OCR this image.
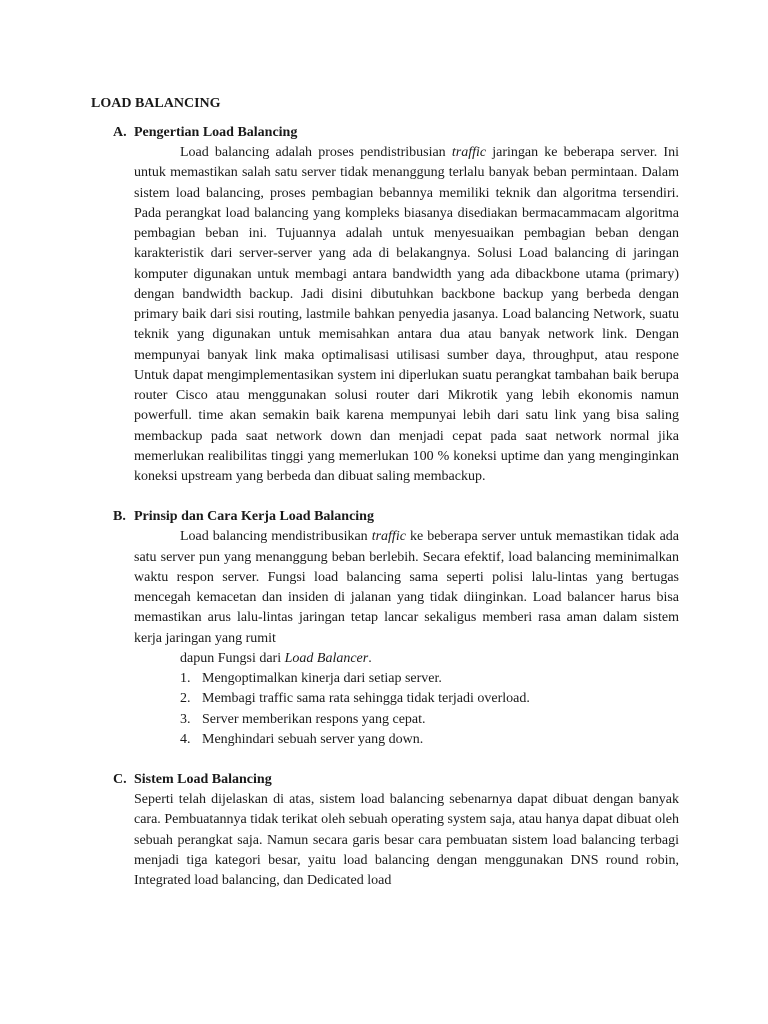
LOAD BALANCING
A. Pengertian Load Balancing

Load balancing adalah proses pendistribusian traffic jaringan ke beberapa server. Ini untuk memastikan salah satu server tidak menanggung terlalu banyak beban permintaan. Dalam sistem load balancing, proses pembagian bebannya memiliki teknik dan algoritma tersendiri. Pada perangkat load balancing yang kompleks biasanya disediakan bermacammacam algoritma pembagian beban ini. Tujuannya adalah untuk menyesuaikan pembagian beban dengan karakteristik dari server-server yang ada di belakangnya. Solusi Load balancing di jaringan komputer digunakan untuk membagi antara bandwidth yang ada dibackbone utama (primary) dengan bandwidth backup. Jadi disini dibutuhkan backbone backup yang berbeda dengan primary baik dari sisi routing, lastmile bahkan penyedia jasanya. Load balancing Network, suatu teknik yang digunakan untuk memisahkan antara dua atau banyak network link. Dengan mempunyai banyak link maka optimalisasi utilisasi sumber daya, throughput, atau respone Untuk dapat mengimplementasikan system ini diperlukan suatu perangkat tambahan baik berupa router Cisco atau menggunakan solusi router dari Mikrotik yang lebih ekonomis namun powerfull. time akan semakin baik karena mempunyai lebih dari satu link yang bisa saling membackup pada saat network down dan menjadi cepat pada saat network normal jika memerlukan realibilitas tinggi yang memerlukan 100 % koneksi uptime dan yang menginginkan koneksi upstream yang berbeda dan dibuat saling membackup.

B. Prinsip dan Cara Kerja Load Balancing

Load balancing mendistribusikan traffic ke beberapa server untuk memastikan tidak ada satu server pun yang menanggung beban berlebih. Secara efektif, load balancing meminimalkan waktu respon server. Fungsi load balancing sama seperti polisi lalu-lintas yang bertugas mencegah kemacetan dan insiden di jalanan yang tidak diinginkan. Load balancer harus bisa memastikan arus lalu-lintas jaringan tetap lancar sekaligus memberi rasa aman dalam sistem kerja jaringan yang rumit

dapun Fungsi dari Load Balancer.

1. Mengoptimalkan kinerja dari setiap server.
2. Membagi traffic sama rata sehingga tidak terjadi overload.
3. Server memberikan respons yang cepat.
4. Menghindari sebuah server yang down.
C. Sistem Load Balancing

Seperti telah dijelaskan di atas, sistem load balancing sebenarnya dapat dibuat dengan banyak cara. Pembuatannya tidak terikat oleh sebuah operating system saja, atau hanya dapat dibuat oleh sebuah perangkat saja. Namun secara garis besar cara pembuatan sistem load balancing terbagi menjadi tiga kategori besar, yaitu load balancing dengan menggunakan DNS round robin, Integrated load balancing, dan Dedicated load
